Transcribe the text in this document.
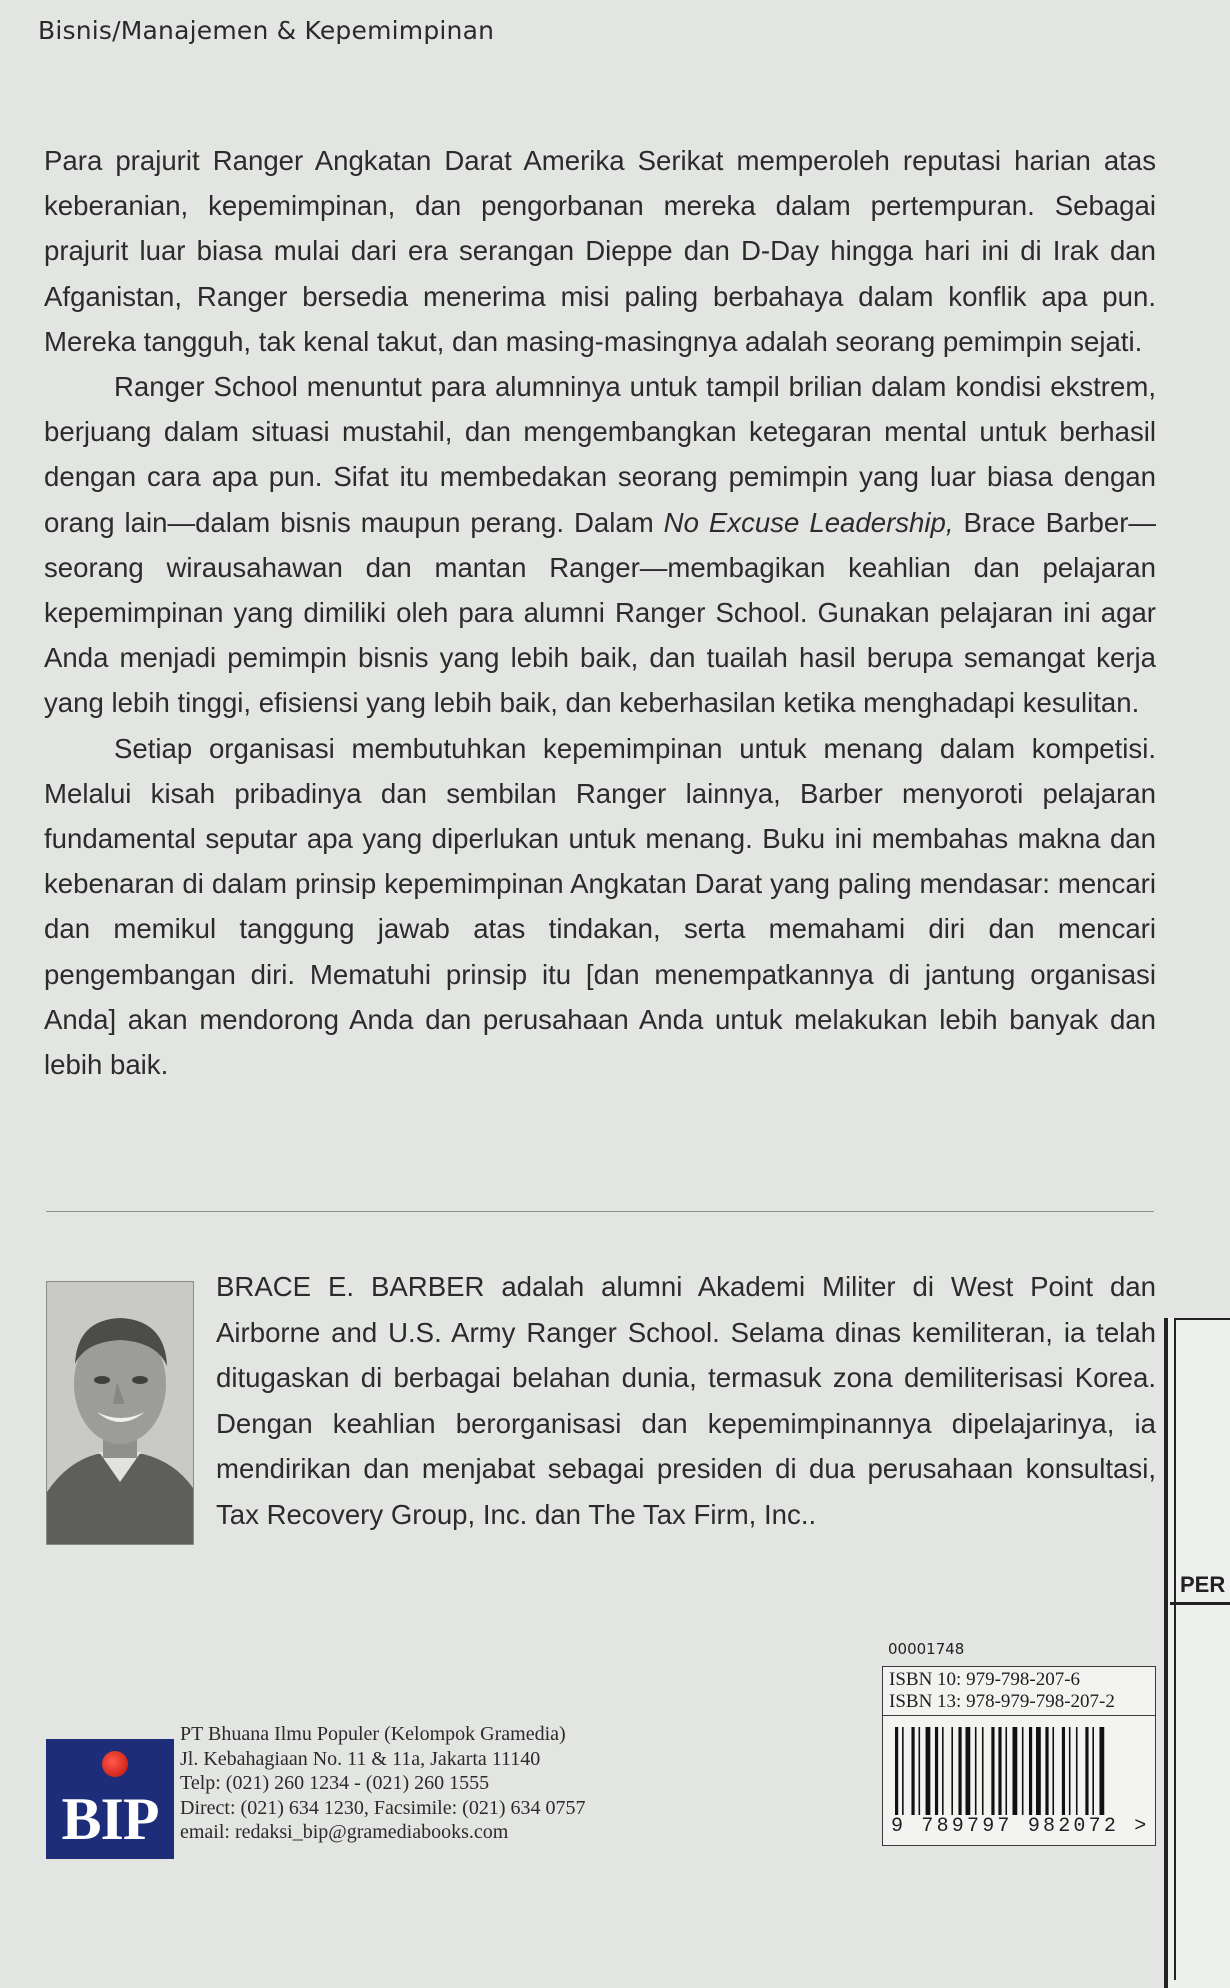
Bisnis/Manajemen & Kepemimpinan

Para prajurit Ranger Angkatan Darat Amerika Serikat memperoleh reputasi harian atas keberanian, kepemimpinan, dan pengorbanan mereka dalam pertempuran. Sebagai prajurit luar biasa mulai dari era serangan Dieppe dan D-Day hingga hari ini di Irak dan Afganistan, Ranger bersedia menerima misi paling berbahaya dalam konflik apa pun. Mereka tangguh, tak kenal takut, dan masing-masingnya adalah seorang pemimpin sejati.

Ranger School menuntut para alumninya untuk tampil brilian dalam kondisi ekstrem, berjuang dalam situasi mustahil, dan mengembangkan ketegaran mental untuk berhasil dengan cara apa pun. Sifat itu membedakan seorang pemimpin yang luar biasa dengan orang lain—dalam bisnis maupun perang. Dalam No Excuse Leadership, Brace Barber—seorang wirausahawan dan mantan Ranger—membagikan keahlian dan pelajaran kepemimpinan yang dimiliki oleh para alumni Ranger School. Gunakan pelajaran ini agar Anda menjadi pemimpin bisnis yang lebih baik, dan tuailah hasil berupa semangat kerja yang lebih tinggi, efisiensi yang lebih baik, dan keberhasilan ketika menghadapi kesulitan.

Setiap organisasi membutuhkan kepemimpinan untuk menang dalam kompetisi. Melalui kisah pribadinya dan sembilan Ranger lainnya, Barber menyoroti pelajaran fundamental seputar apa yang diperlukan untuk menang. Buku ini membahas makna dan kebenaran di dalam prinsip kepemimpinan Angkatan Darat yang paling mendasar: mencari dan memikul tanggung jawab atas tindakan, serta memahami diri dan mencari pengembangan diri. Mematuhi prinsip itu [dan menempatkannya di jantung organisasi Anda] akan mendorong Anda dan perusahaan Anda untuk melakukan lebih banyak dan lebih baik.

BRACE E. BARBER adalah alumni Akademi Militer di West Point dan Airborne and U.S. Army Ranger School. Selama dinas kemiliteran, ia telah ditugaskan di berbagai belahan dunia, termasuk zona demiliterisasi Korea. Dengan keahlian berorganisasi dan kepemimpinannya dipelajarinya, ia mendirikan dan menjabat sebagai presiden di dua perusahaan konsultasi, Tax Recovery Group, Inc. dan The Tax Firm, Inc..

PER
00001748
ISBN 10: 979-798-207-6
ISBN 13: 978-979-798-207-2
9 789797 982072 >
BIP
PT Bhuana Ilmu Populer (Kelompok Gramedia)
Jl. Kebahagiaan No. 11 & 11a, Jakarta 11140
Telp: (021) 260 1234 - (021) 260 1555
Direct: (021) 634 1230, Facsimile: (021) 634 0757
email: redaksi_bip@gramediabooks.com
